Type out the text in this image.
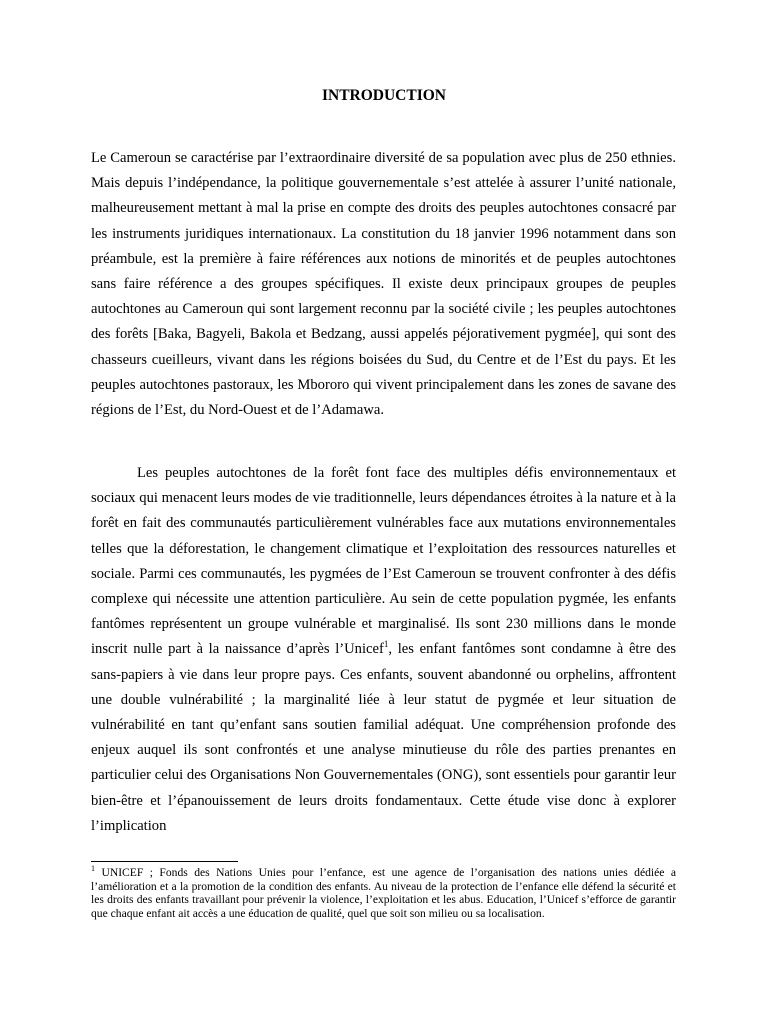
INTRODUCTION

Le Cameroun se caractérise par l’extraordinaire diversité de sa population avec plus de 250 ethnies. Mais depuis l’indépendance, la politique gouvernementale s’est attelée à assurer l’unité nationale, malheureusement mettant à mal la prise en compte des droits des peuples autochtones consacré par les instruments juridiques internationaux. La constitution du 18 janvier 1996 notamment dans son préambule, est la première à faire références aux notions de minorités et de peuples autochtones sans faire référence a des groupes spécifiques. Il existe deux principaux groupes de peuples autochtones au Cameroun qui sont largement reconnu par la société civile ; les peuples autochtones des forêts [Baka, Bagyeli, Bakola et Bedzang, aussi appelés péjorativement pygmée], qui sont des chasseurs cueilleurs, vivant dans les régions boisées du Sud, du Centre et de l’Est du pays. Et les peuples autochtones pastoraux, les Mbororo qui vivent principalement dans les zones de savane des régions de l’Est, du Nord-Ouest et de l’Adamawa.

Les peuples autochtones de la forêt font face des multiples défis environnementaux et sociaux qui menacent leurs modes de vie traditionnelle, leurs dépendances étroites à la nature et à la forêt en fait des communautés particulièrement vulnérables face aux mutations environnementales telles que la déforestation, le changement climatique et l’exploitation des ressources naturelles et sociale. Parmi ces communautés, les pygmées de l’Est Cameroun se trouvent confronter à des défis complexe qui nécessite une attention particulière. Au sein de cette population pygmée, les enfants fantômes représentent un groupe vulnérable et marginalisé. Ils sont 230 millions dans le monde inscrit nulle part à la naissance d’après l’Unicef$^1$, les enfant fantômes sont condamne à être des sans-papiers à vie dans leur propre pays. Ces enfants, souvent abandonné ou orphelins, affrontent une double vulnérabilité ; la marginalité liée à leur statut de pygmée et leur situation de vulnérabilité en tant qu’enfant sans soutien familial adéquat. Une compréhension profonde des enjeux auquel ils sont confrontés et une analyse minutieuse du rôle des parties prenantes en particulier celui des Organisations Non Gouvernementales (ONG), sont essentiels pour garantir leur bien-être et l’épanouissement de leurs droits fondamentaux. Cette étude vise donc à explorer l’implication

$^1$ UNICEF ; Fonds des Nations Unies pour l’enfance, est une agence de l’organisation des nations unies dédiée a l’amélioration et a la promotion de la condition des enfants. Au niveau de la protection de l’enfance elle défend la sécurité et les droits des enfants travaillant pour prévenir la violence, l’exploitation et les abus. Education, l’Unicef s’efforce de garantir que chaque enfant ait accès a une éducation de qualité, quel que soit son milieu ou sa localisation.
